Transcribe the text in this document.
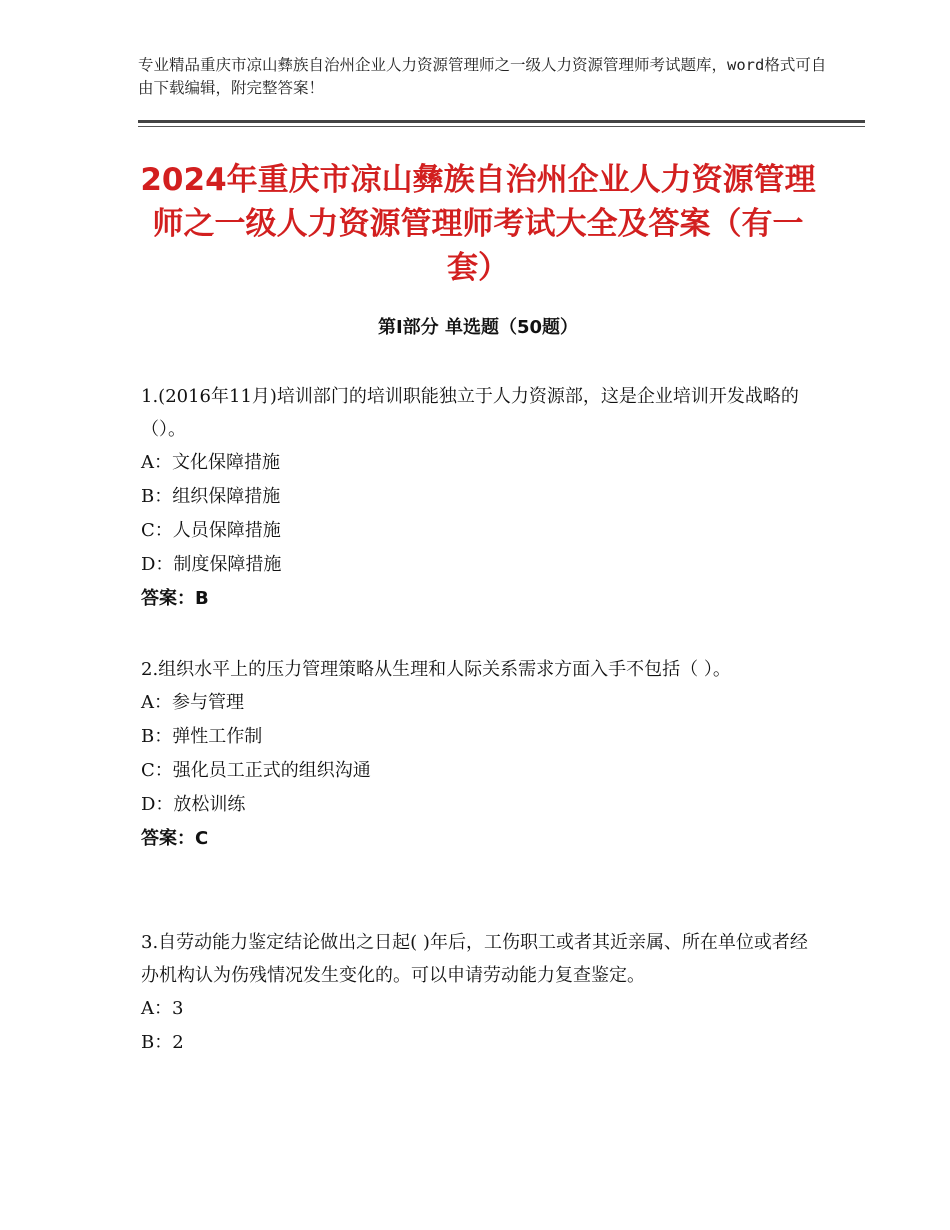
专业精品重庆市凉山彝族自治州企业人力资源管理师之一级人力资源管理师考试题库，word格式可自由下载编辑，附完整答案！
2024年重庆市凉山彝族自治州企业人力资源管理师之一级人力资源管理师考试大全及答案（有一套）
第Ⅰ部分 单选题（50题）
1.(2016年11月)培训部门的培训职能独立于人力资源部，这是企业培训开发战略的（）。
A：文化保障措施
B：组织保障措施
C：人员保障措施
D：制度保障措施
答案：B
2.组织水平上的压力管理策略从生理和人际关系需求方面入手不包括（ ）。
A：参与管理
B：弹性工作制
C：强化员工正式的组织沟通
D：放松训练
答案：C
3.自劳动能力鉴定结论做出之日起( )年后，工伤职工或者其近亲属、所在单位或者经办机构认为伤残情况发生变化的。可以申请劳动能力复查鉴定。
A：3
B：2
